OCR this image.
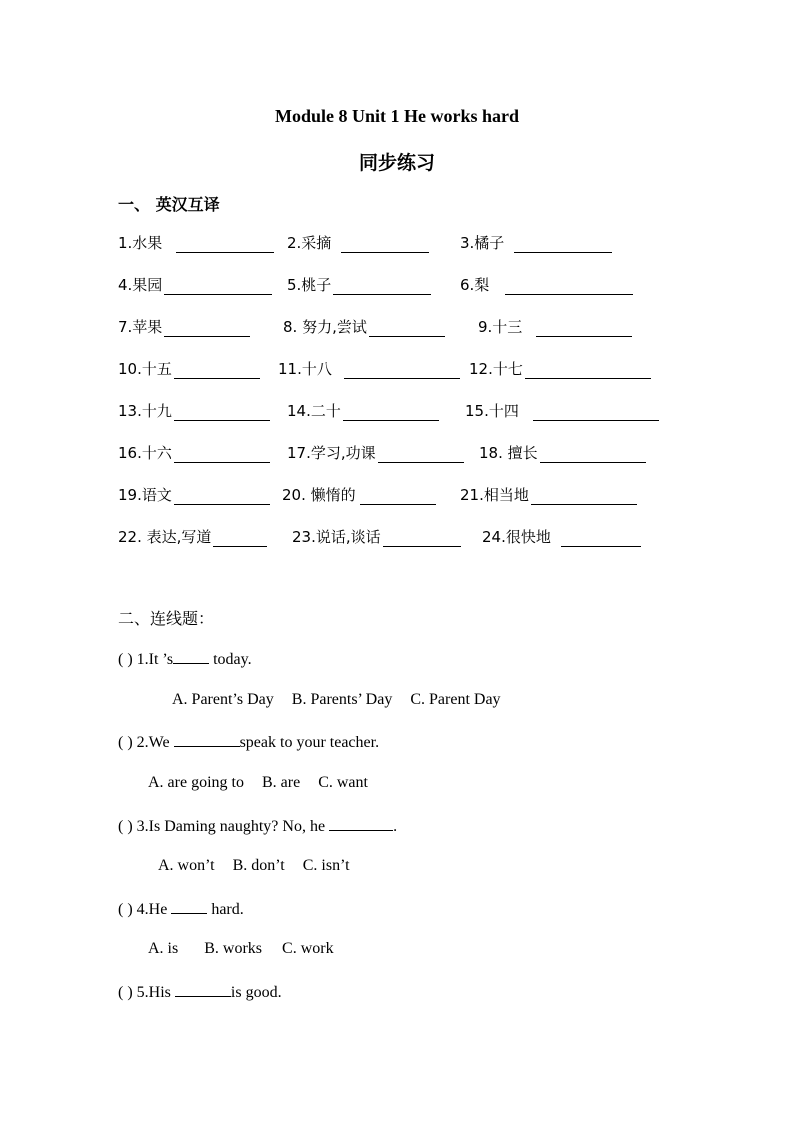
Module 8 Unit 1 He works hard
同步练习
一、 英汉互译
1.水果	2.采摘	3.橘子
4.果园	5.桃子	6.梨
7.苹果	8. 努力,尝试	9.十三
10.十五	11.十八	12.十七
13.十九	14.二十	15.十四
16.十六	17.学习,功课	18. 擅长
19.语文	20. 懒惰的	21.相当地
22. 表达,写道	23.说话,谈话	24.很快地
二、连线题：
( ) 1.It ’s today.
A. Parent’s Day B. Parents’ Day C. Parent Day
( ) 2.We	speak to your teacher.
A. are going to B. are C. want
( ) 3.Is Daming naughty? No, he	.
A. won’t B. don’t C. isn’t
( ) 4.He  hard.
A. is B. works C. work
( ) 5.His	is good.
